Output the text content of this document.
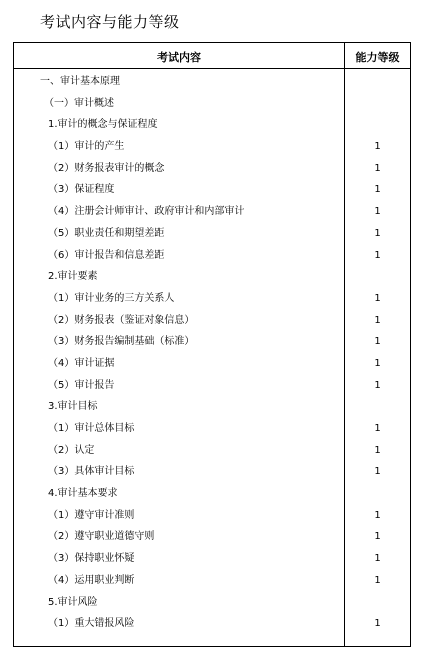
考试内容与能力等级
考试内容	能力等级
一、审计基本原理
（一）审计概述
1.审计的概念与保证程度
（1）审计的产生	1
（2）财务报表审计的概念	1
（3）保证程度	1
（4）注册会计师审计、政府审计和内部审计	1
（5）职业责任和期望差距	1
（6）审计报告和信息差距	1
2.审计要素
（1）审计业务的三方关系人	1
（2）财务报表（鉴证对象信息）	1
（3）财务报告编制基础（标准）	1
（4）审计证据	1
（5）审计报告	1
3.审计目标
（1）审计总体目标	1
（2）认定	1
（3）具体审计目标	1
4.审计基本要求
（1）遵守审计准则	1
（2）遵守职业道德守则	1
（3）保持职业怀疑	1
（4）运用职业判断	1
5.审计风险
（1）重大错报风险	1
